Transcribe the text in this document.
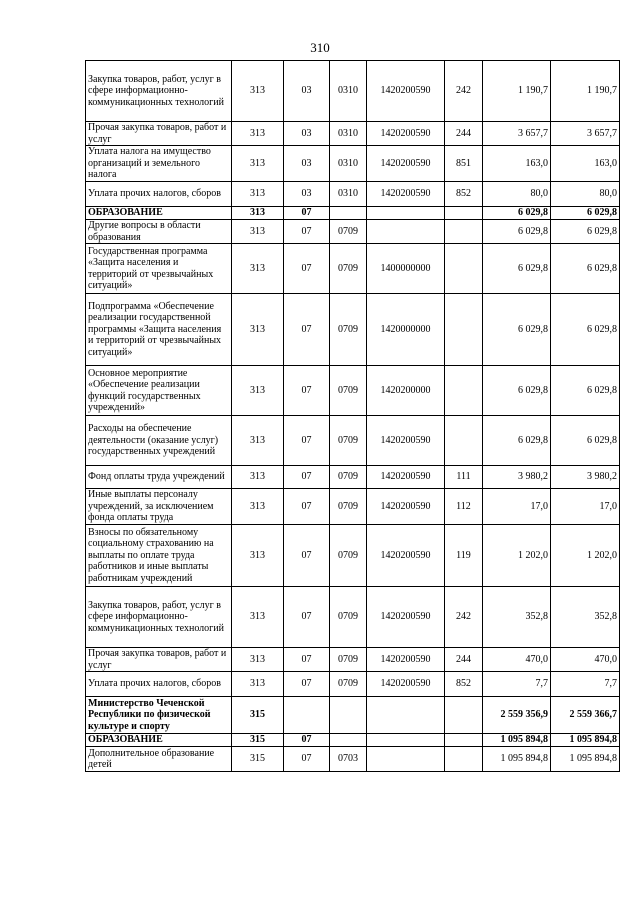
310
Закупка товаров, работ, услуг в сфере информационно-коммуникационных технологий	313	03	0310	1420200590	242	1 190,7	1 190,7
Прочая закупка товаров, работ и услуг	313	03	0310	1420200590	244	3 657,7	3 657,7
Уплата налога на имущество организаций и земельного налога	313	03	0310	1420200590	851	163,0	163,0
Уплата прочих налогов, сборов	313	03	0310	1420200590	852	80,0	80,0
ОБРАЗОВАНИЕ	313	07				6 029,8	6 029,8
Другие вопросы в области образования	313	07	0709			6 029,8	6 029,8
Государственная программа «Защита населения и территорий от чрезвычайных ситуаций»	313	07	0709	1400000000		6 029,8	6 029,8
Подпрограмма «Обеспечение реализации государственной программы «Защита населения и территорий от чрезвычайных ситуаций»	313	07	0709	1420000000		6 029,8	6 029,8
Основное мероприятие «Обеспечение реализации функций государственных учреждений»	313	07	0709	1420200000		6 029,8	6 029,8
Расходы на обеспечение деятельности (оказание услуг) государственных учреждений	313	07	0709	1420200590		6 029,8	6 029,8
Фонд оплаты труда учреждений	313	07	0709	1420200590	111	3 980,2	3 980,2
Иные выплаты персоналу учреждений, за исключением фонда оплаты труда	313	07	0709	1420200590	112	17,0	17,0
Взносы по обязательному социальному страхованию на выплаты по оплате труда работников и иные выплаты работникам учреждений	313	07	0709	1420200590	119	1 202,0	1 202,0
Закупка товаров, работ, услуг в сфере информационно-коммуникационных технологий	313	07	0709	1420200590	242	352,8	352,8
Прочая закупка товаров, работ и услуг	313	07	0709	1420200590	244	470,0	470,0
Уплата прочих налогов, сборов	313	07	0709	1420200590	852	7,7	7,7
Министерство Чеченской Республики по физической культуре и спорту	315					2 559 356,9	2 559 366,7
ОБРАЗОВАНИЕ	315	07				1 095 894,8	1 095 894,8
Дополнительное образование детей	315	07	0703			1 095 894,8	1 095 894,8
